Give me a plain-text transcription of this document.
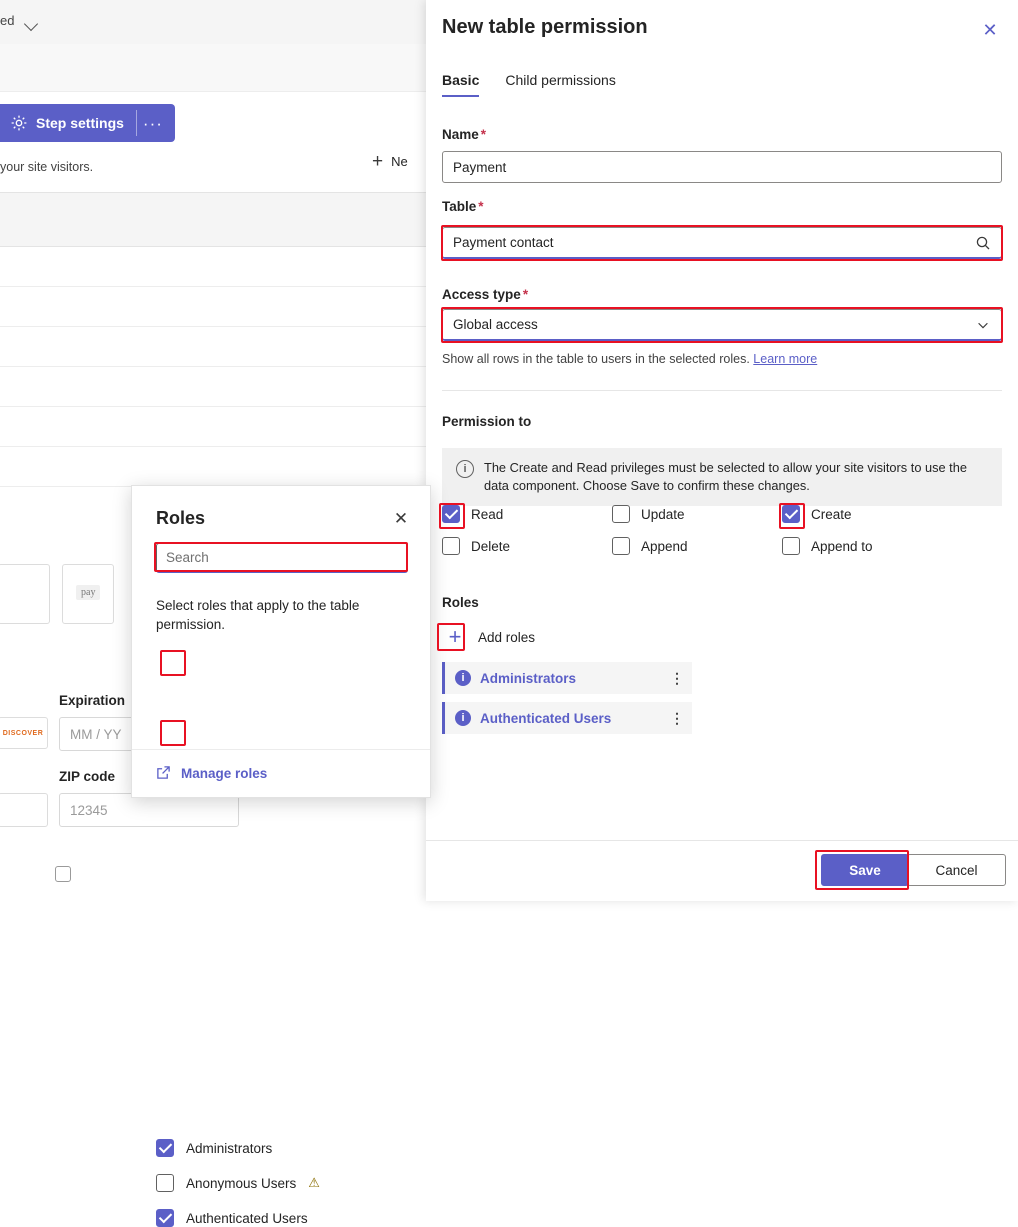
ed
Step settings	···
your site visitors.	+ Ne
pay
DISCOVER
Expiration
MM / YY
ZIP code
12345
Roles	✕
Search
Select roles that apply to the table permission.
Administrators
Anonymous Users ⚠
Authenticated Users
Manage roles
New table permission	✕
Basic Child permissions
Name *
Payment
Table *
Payment contact
Access type *
Global access
Show all rows in the table to users in the selected roles. Learn more
Permission to
i	The Create and Read privileges must be selected to allow your site visitors to use the data component. Choose Save to confirm these changes.
Read	Update	Create
Delete	Append	Append to
Roles
+	Add roles
i	Administrators	⋮
i	Authenticated Users	⋮
Save	Cancel
